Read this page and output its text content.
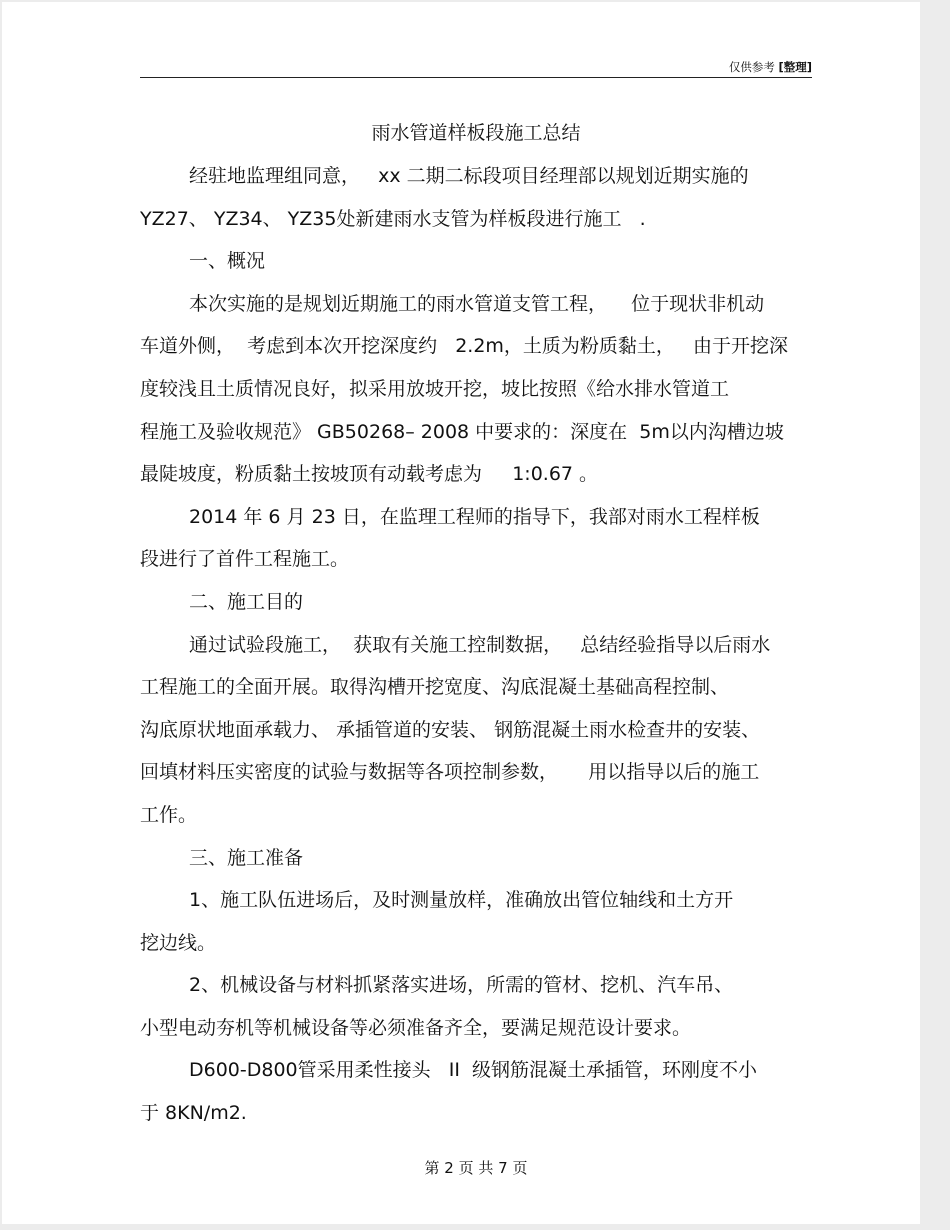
仅供参考 [整理]
雨水管道样板段施工总结
经驻地监理组同意，   xx 二期二标段项目经理部以规划近期实施的
YZ27、 YZ34、 YZ35处新建雨水支管为样板段进行施工   .
一、概况
本次实施的是规划近期施工的雨水管道支管工程，    位于现状非机动
车道外侧，  考虑到本次开挖深度约   2.2m，土质为粉质黏土，   由于开挖深
度较浅且土质情况良好，拟采用放坡开挖，坡比按照《给水排水管道工
程施工及验收规范》 GB50268– 2008 中要求的：深度在  5m以内沟槽边坡
最陡坡度，粉质黏土按坡顶有动载考虑为     1:0.67 。
2014 年 6 月 23 日，在监理工程师的指导下，我部对雨水工程样板
段进行了首件工程施工。
二、施工目的
通过试验段施工，  获取有关施工控制数据，   总结经验指导以后雨水
工程施工的全面开展。取得沟槽开挖宽度、沟底混凝土基础高程控制、
沟底原状地面承载力、 承插管道的安装、 钢筋混凝土雨水检查井的安装、
回填材料压实密度的试验与数据等各项控制参数，     用以指导以后的施工
工作。
三、施工准备
1、施工队伍进场后，及时测量放样，准确放出管位轴线和土方开
挖边线。
2、机械设备与材料抓紧落实进场，所需的管材、挖机、汽车吊、
小型电动夯机等机械设备等必须准备齐全，要满足规范设计要求。
D600-D800管采用柔性接头   II  级钢筋混凝土承插管，环刚度不小
于 8KN/m2.
第 2 页 共 7 页
